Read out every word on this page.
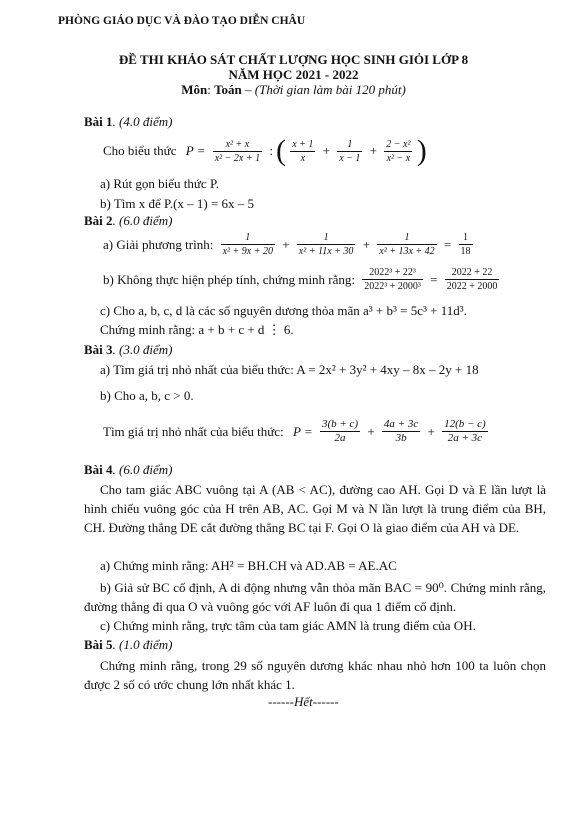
PHÒNG GIÁO DỤC VÀ ĐÀO TẠO DIỄN CHÂU
ĐỀ THI KHẢO SÁT CHẤT LƯỢNG HỌC SINH GIỎI LỚP 8
NĂM HỌC 2021 - 2022
Môn: Toán – (Thời gian làm bài 120 phút)
Bài 1. (4.0 điểm)
Cho biểu thức $P = \frac{\text{x² + x}}{\text{x² − 2x + 1}}$ : ( $\frac{x + 1}{x} + \frac{1}{x - 1} + \frac{\text{2 − x²}}{\text{x² − x}}$ )
a) Rút gọn biểu thức P.
b) Tìm x để P.(x – 1) = 6x – 5
Bài 2. (6.0 điểm)
a) Giải phương trình: $\frac{1}{\text{x² + 9x + 20}} + \frac{1}{\text{x² + 11x + 30}} + \frac{1}{\text{x² + 13x + 42}} = \frac{1}{18}$
b) Không thực hiện phép tính, chứng minh rằng: $\frac{\text{2022³ + 22³}}{\text{2022³ + 2000³}} = \frac{2022 + 22}{2022 + 2000}$
c) Cho a, b, c, d là các số nguyên dương thỏa mãn a³ + b³ = 5c³ + 11d³.
Chứng minh rằng: a + b + c + d ⋮ 6.
Bài 3. (3.0 điểm)
a) Tìm giá trị nhỏ nhất của biểu thức: A = 2x² + 3y² + 4xy – 8x – 2y + 18
b) Cho a, b, c > 0.
Tìm giá trị nhỏ nhất của biểu thức: $P = \frac{3(b + c)}{2a} + \frac{4a + 3c}{3b} + \frac{12(b - c)}{2a + 3c}$
Bài 4. (6.0 điểm)
Cho tam giác ABC vuông tại A (AB < AC), đường cao AH. Gọi D và E lần lượt là hình chiếu vuông góc của H trên AB, AC. Gọi M và N lần lượt là trung điểm của BH, CH. Đường thẳng DE cắt đường thẳng BC tại F. Gọi O là giao điểm của AH và DE.
a) Chứng minh rằng: AH² = BH.CH và AD.AB = AE.AC
b) Giả sử BC cố định, A di động nhưng vẫn thỏa mãn BAC = 90⁰. Chứng minh rằng, đường thẳng đi qua O và vuông góc với AF luôn đi qua 1 điểm cố định.
c) Chứng minh rằng, trực tâm của tam giác AMN là trung điểm của OH.
Bài 5. (1.0 điểm)
Chứng minh rằng, trong 29 số nguyên dương khác nhau nhỏ hơn 100 ta luôn chọn được 2 số có ước chung lớn nhất khác 1.
------Hết------
